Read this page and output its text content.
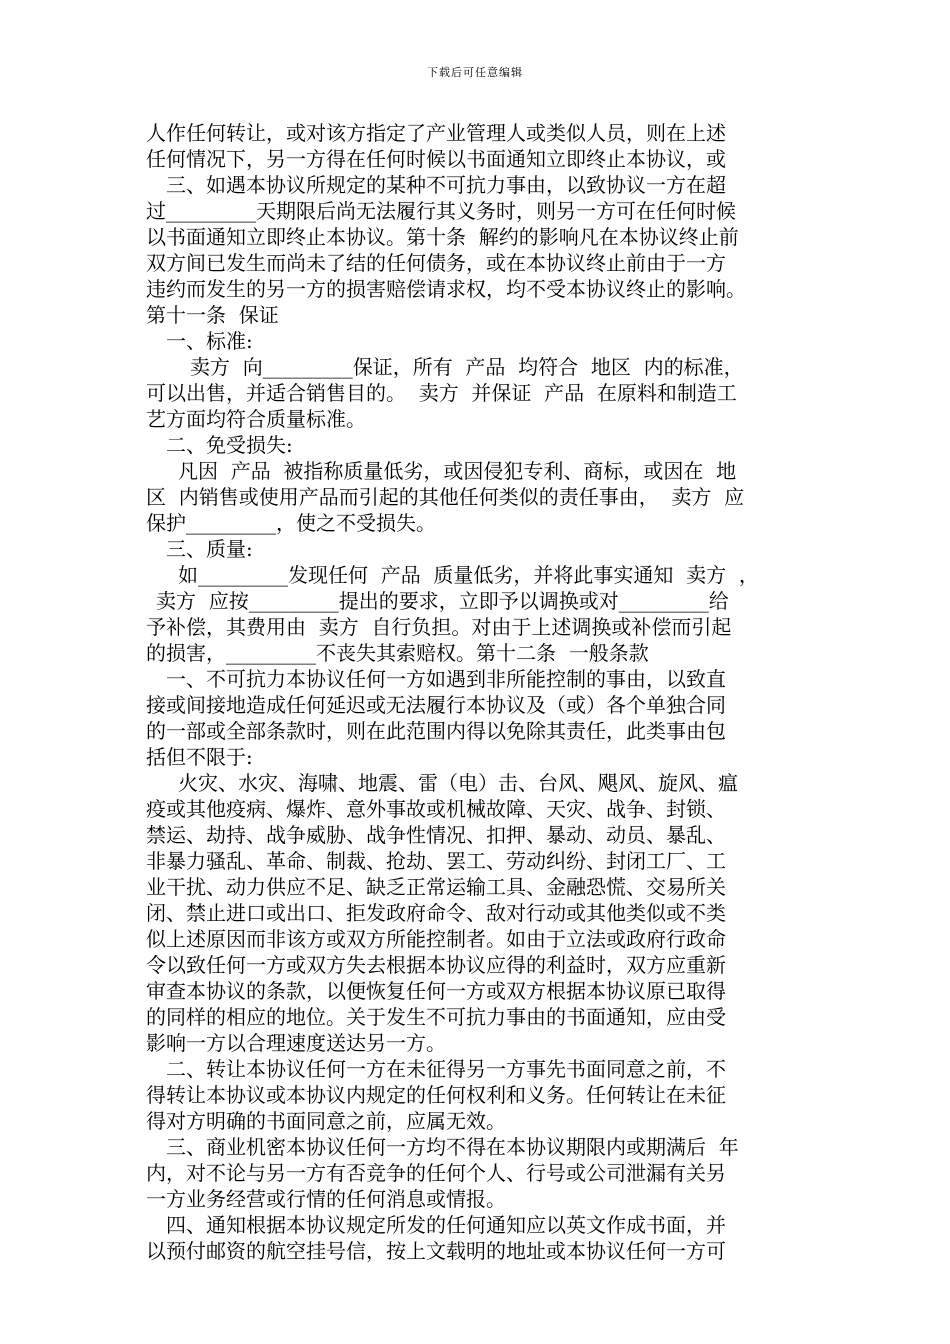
下载后可任意编辑
人作任何转让，或对该方指定了产业管理人或类似人员，则在上述
任何情况下，另一方得在任何时候以书面通知立即终止本协议，或
三、如遇本协议所规定的某种不可抗力事由，以致协议一方在超
过_________天期限后尚无法履行其义务时，则另一方可在任何时候
以书面通知立即终止本协议。第十条  解约的影响凡在本协议终止前
双方间已发生而尚未了结的任何债务，或在本协议终止前由于一方
违约而发生的另一方的损害赔偿请求权，均不受本协议终止的影响。
第十一条  保证
一、标准:
卖方  向_________保证，所有  产品  均符合  地区  内的标准，
可以出售，并适合销售目的。  卖方  并保证  产品  在原料和制造工
艺方面均符合质量标准。
二、免受损失:
凡因  产品  被指称质量低劣，或因侵犯专利、商标，或因在  地
区  内销售或使用产品而引起的其他任何类似的责任事由，  卖方  应
保护_________，使之不受损失。
三、质量:
如_________发现任何  产品  质量低劣，并将此事实通知  卖方  ，
卖方  应按_________提出的要求，立即予以调换或对_________给
予补偿，其费用由  卖方  自行负担。对由于上述调换或补偿而引起
的损害，_________不丧失其索赔权。第十二条  一般条款
一、不可抗力本协议任何一方如遇到非所能控制的事由，以致直
接或间接地造成任何延迟或无法履行本协议及（或）各个单独合同
的一部或全部条款时，则在此范围内得以免除其责任，此类事由包
括但不限于:
火灾、水灾、海啸、地震、雷（电）击、台风、飓风、旋风、瘟
疫或其他疫病、爆炸、意外事故或机械故障、天灾、战争、封锁、
禁运、劫持、战争威胁、战争性情况、扣押、暴动、动员、暴乱、
非暴力骚乱、革命、制裁、抢劫、罢工、劳动纠纷、封闭工厂、工
业干扰、动力供应不足、缺乏正常运输工具、金融恐慌、交易所关
闭、禁止进口或出口、拒发政府命令、敌对行动或其他类似或不类
似上述原因而非该方或双方所能控制者。如由于立法或政府行政命
令以致任何一方或双方失去根据本协议应得的利益时，双方应重新
审查本协议的条款，以便恢复任何一方或双方根据本协议原已取得
的同样的相应的地位。关于发生不可抗力事由的书面通知，应由受
影响一方以合理速度送达另一方。
二、转让本协议任何一方在未征得另一方事先书面同意之前，不
得转让本协议或本协议内规定的任何权利和义务。任何转让在未征
得对方明确的书面同意之前，应属无效。
三、商业机密本协议任何一方均不得在本协议期限内或期满后  年
内，对不论与另一方有否竞争的任何个人、行号或公司泄漏有关另
一方业务经营或行情的任何消息或情报。
四、通知根据本协议规定所发的任何通知应以英文作成书面，并
以预付邮资的航空挂号信，按上文载明的地址或本协议任何一方可
